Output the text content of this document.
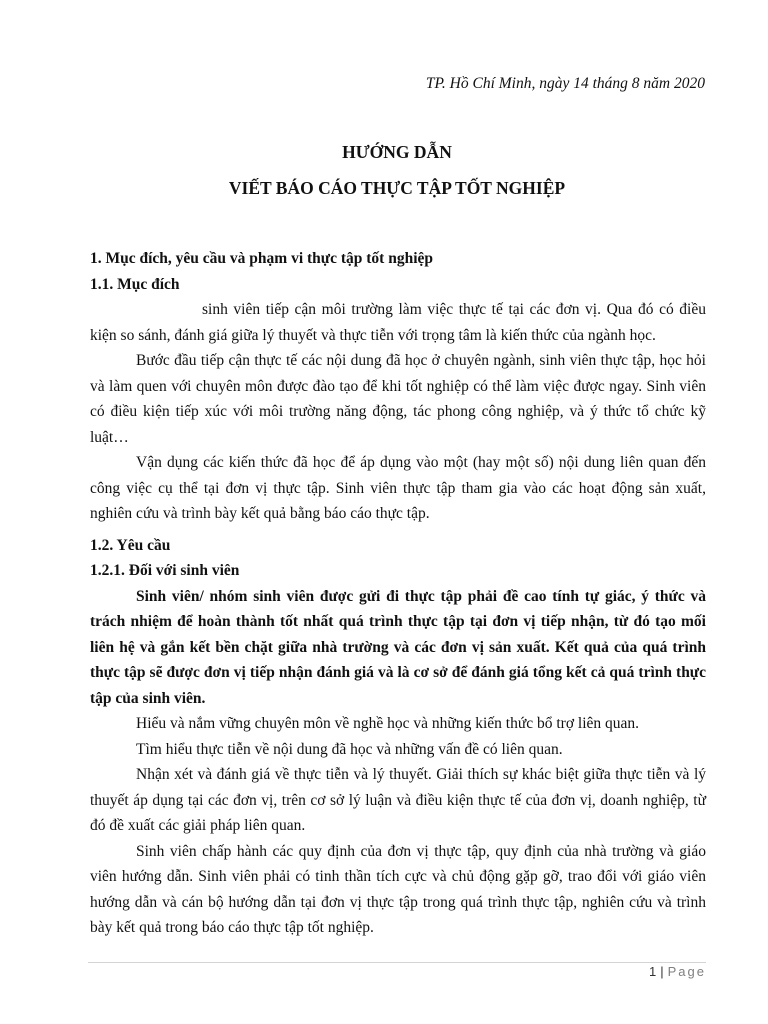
TP. Hồ Chí Minh, ngày 14 tháng 8 năm 2020
HƯỚNG DẪN
VIẾT BÁO CÁO THỰC TẬP TỐT NGHIỆP

1. Mục đích, yêu cầu và phạm vi thực tập tốt nghiệp

1.1. Mục đích

sinh viên tiếp cận môi trường làm việc thực tế tại các đơn vị. Qua đó có điều kiện so sánh, đánh giá giữa lý thuyết và thực tiễn với trọng tâm là kiến thức của ngành học.

Bước đầu tiếp cận thực tế các nội dung đã học ở chuyên ngành, sinh viên thực tập, học hỏi và làm quen với chuyên môn được đào tạo để khi tốt nghiệp có thể làm việc được ngay. Sinh viên có điều kiện tiếp xúc với môi trường năng động, tác phong công nghiệp, và ý thức tổ chức kỹ luật…

Vận dụng các kiến thức đã học để áp dụng vào một (hay một số) nội dung liên quan đến công việc cụ thể tại đơn vị thực tập. Sinh viên thực tập tham gia vào các hoạt động sản xuất, nghiên cứu và trình bày kết quả bằng báo cáo thực tập.

1.2. Yêu cầu

1.2.1. Đối với sinh viên

Sinh viên/ nhóm sinh viên được gửi đi thực tập phải đề cao tính tự giác, ý thức và trách nhiệm để hoàn thành tốt nhất quá trình thực tập tại đơn vị tiếp nhận, từ đó tạo mối liên hệ và gắn kết bền chặt giữa nhà trường và các đơn vị sản xuất. Kết quả của quá trình thực tập sẽ được đơn vị tiếp nhận đánh giá và là cơ sở để đánh giá tổng kết cả quá trình thực tập của sinh viên.

Hiểu và nắm vững chuyên môn về nghề học và những kiến thức bổ trợ liên quan.

Tìm hiểu thực tiễn về nội dung đã học và những vấn đề có liên quan.

Nhận xét và đánh giá về thực tiễn và lý thuyết. Giải thích sự khác biệt giữa thực tiễn và lý thuyết áp dụng tại các đơn vị, trên cơ sở lý luận và điều kiện thực tế của đơn vị, doanh nghiệp, từ đó đề xuất các giải pháp liên quan.

Sinh viên chấp hành các quy định của đơn vị thực tập, quy định của nhà trường và giáo viên hướng dẫn. Sinh viên phải có tinh thần tích cực và chủ động gặp gỡ, trao đổi với giáo viên hướng dẫn và cán bộ hướng dẫn tại đơn vị thực tập trong quá trình thực tập, nghiên cứu và trình bày kết quả trong báo cáo thực tập tốt nghiệp.

1 | Page
